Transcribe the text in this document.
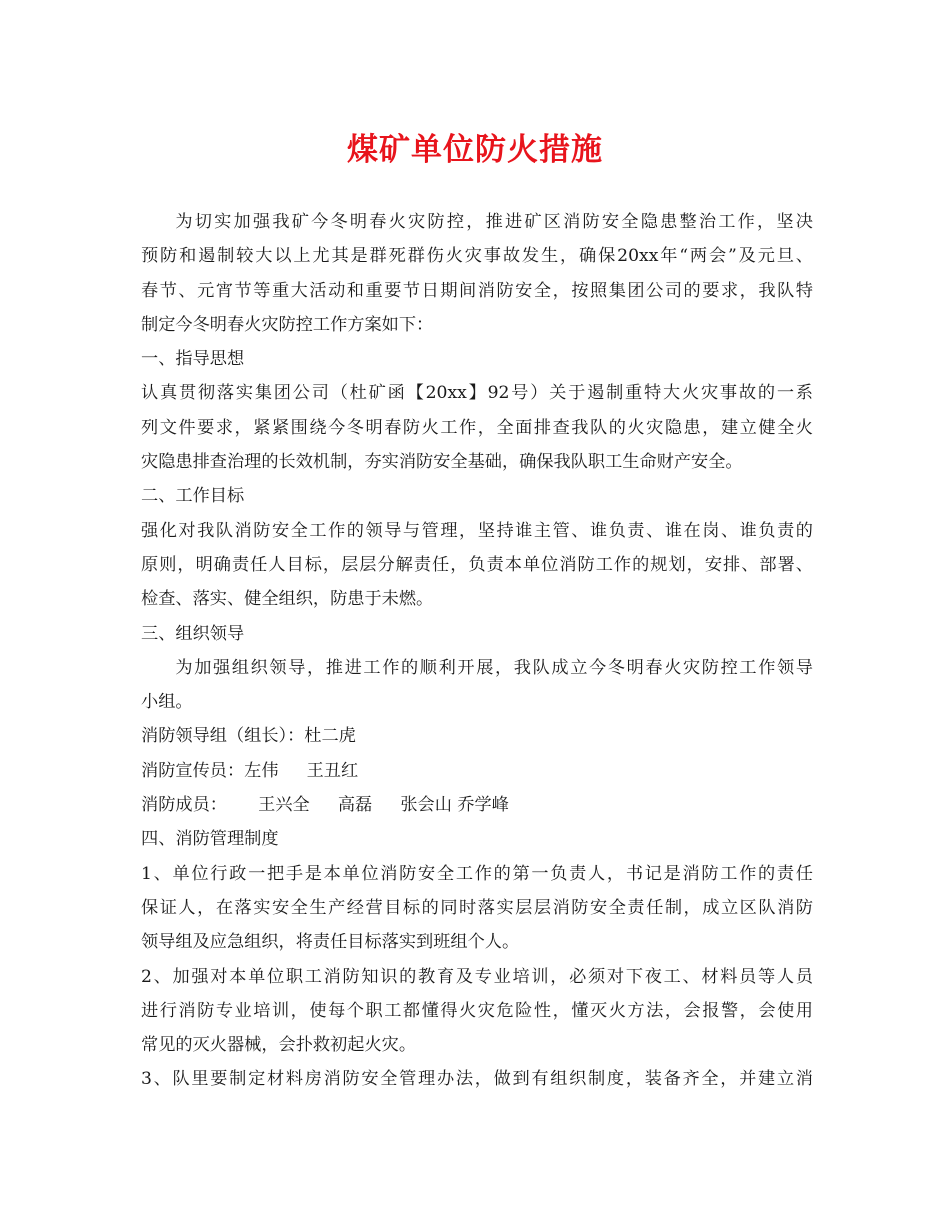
煤矿单位防火措施
为切实加强我矿今冬明春火灾防控，推进矿区消防安全隐患整治工作，坚决
预防和遏制较大以上尤其是群死群伤火灾事故发生，确保20xx年“两会”及元旦、
春节、元宵节等重大活动和重要节日期间消防安全，按照集团公司的要求，我队特
制定今冬明春火灾防控工作方案如下：
一、指导思想
认真贯彻落实集团公司（杜矿函【20xx】92号）关于遏制重特大火灾事故的一系
列文件要求，紧紧围绕今冬明春防火工作，全面排查我队的火灾隐患，建立健全火
灾隐患排查治理的长效机制，夯实消防安全基础，确保我队职工生命财产安全。
二、工作目标
强化对我队消防安全工作的领导与管理，坚持谁主管、谁负责、谁在岗、谁负责的
原则，明确责任人目标，层层分解责任，负责本单位消防工作的规划，安排、部署、
检查、落实、健全组织，防患于未燃。
三、组织领导
为加强组织领导，推进工作的顺利开展，我队成立今冬明春火灾防控工作领导
小组。
消防领导组（组长）：杜二虎
消防宣传员：左伟 　 王丑红
消防成员：　 　王兴全 　 高磊 　 张会山 乔学峰
四、消防管理制度
1、单位行政一把手是本单位消防安全工作的第一负责人，书记是消防工作的责任
保证人，在落实安全生产经营目标的同时落实层层消防安全责任制，成立区队消防
领导组及应急组织，将责任目标落实到班组个人。
2、加强对本单位职工消防知识的教育及专业培训，必须对下夜工、材料员等人员
进行消防专业培训，使每个职工都懂得火灾危险性，懂灭火方法，会报警，会使用
常见的灭火器械，会扑救初起火灾。
3、队里要制定材料房消防安全管理办法，做到有组织制度，装备齐全，并建立消
